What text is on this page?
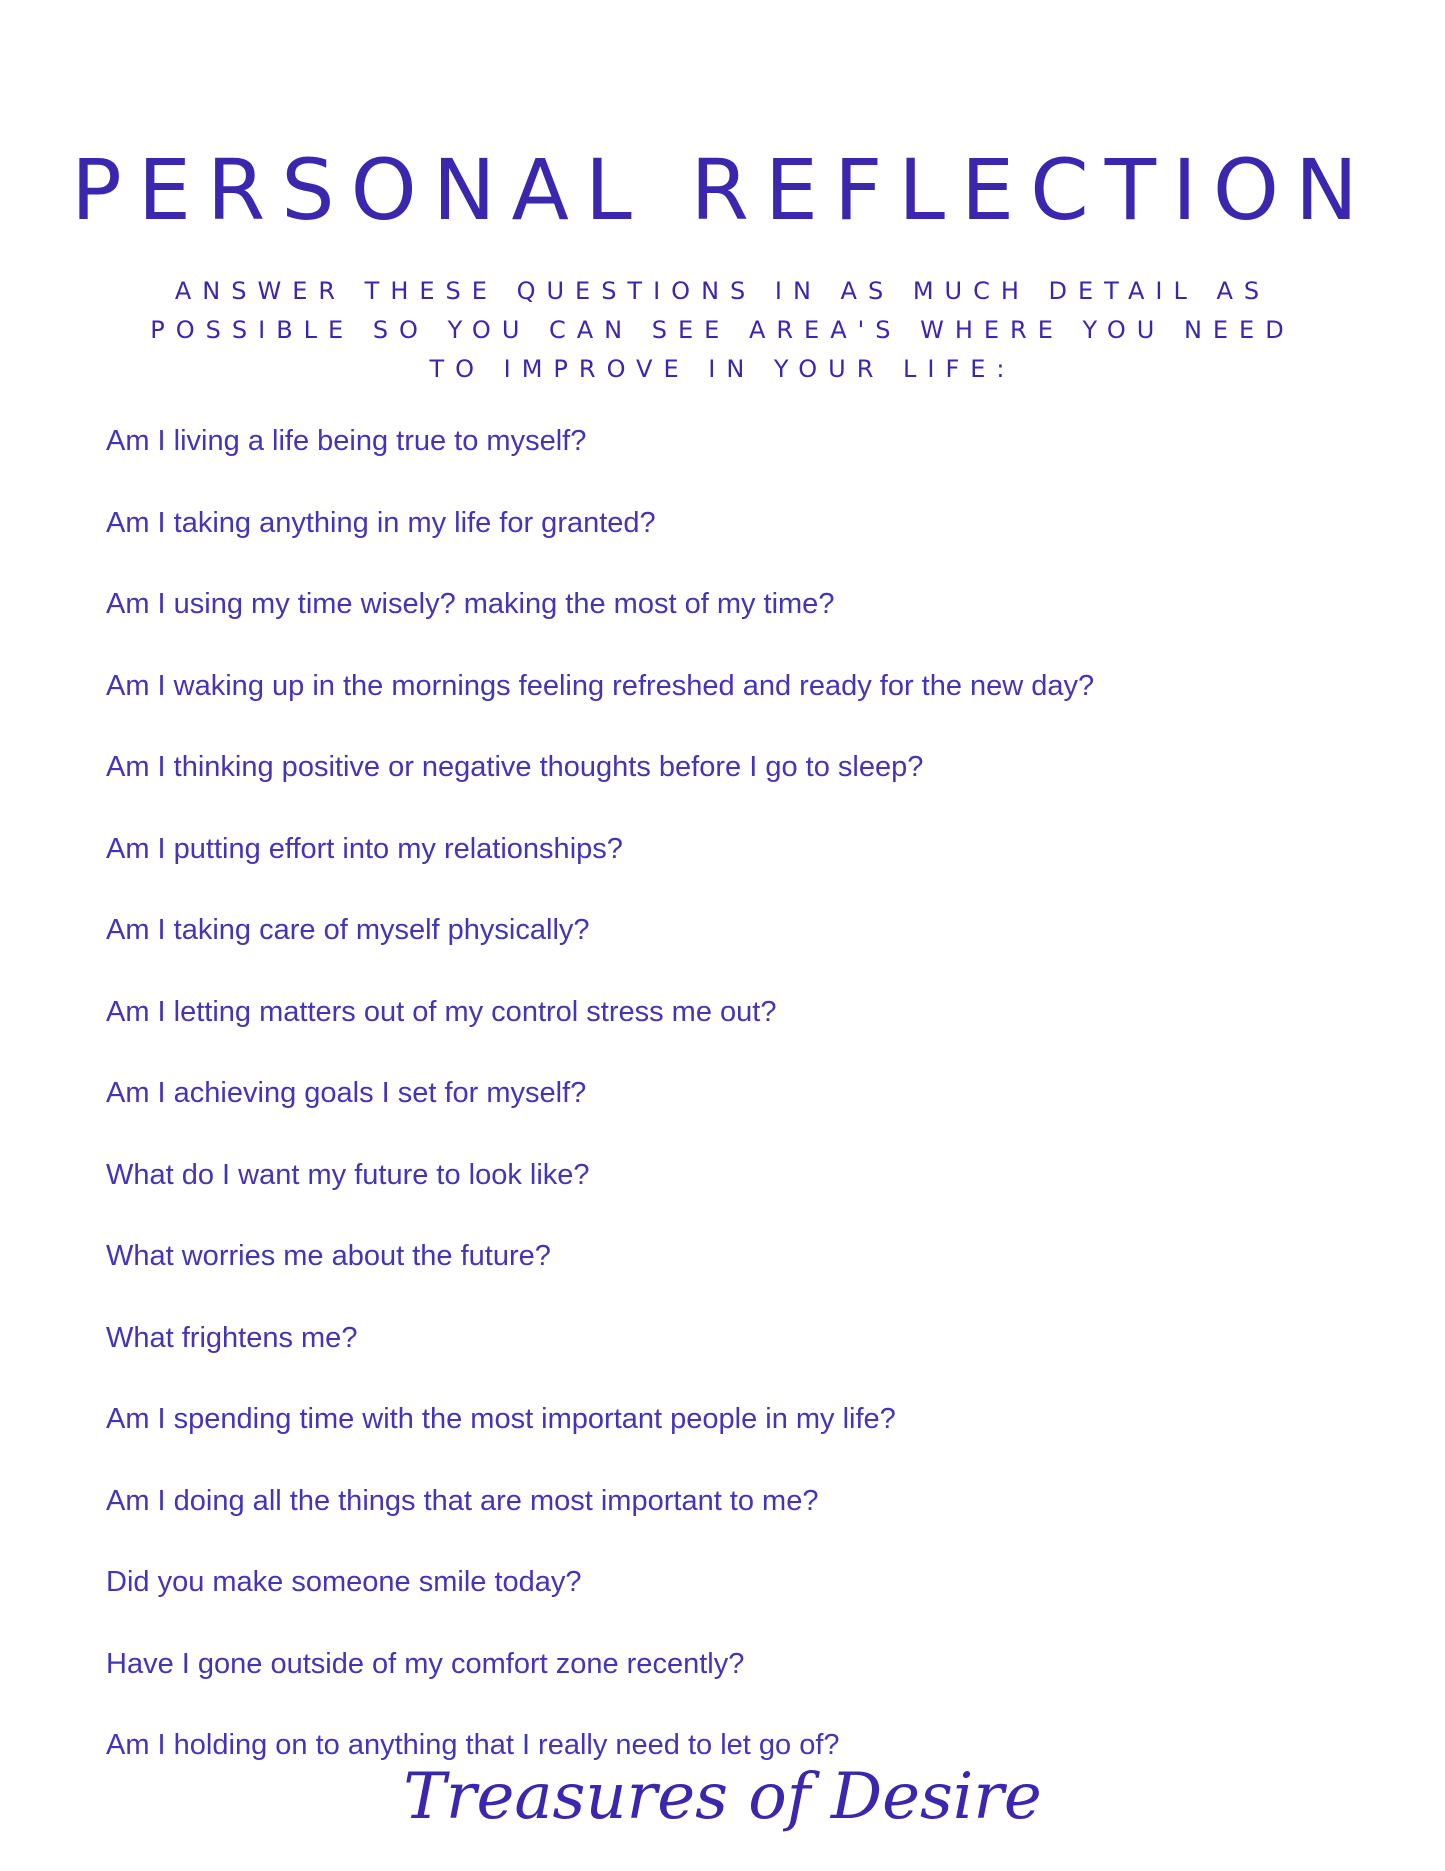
PERSONAL REFLECTION
ANSWER THESE QUESTIONS IN AS MUCH DETAIL AS POSSIBLE SO YOU CAN SEE AREA'S WHERE YOU NEED TO IMPROVE IN YOUR LIFE:
Am I living a life being true to myself?
Am I taking anything in my life for granted?
Am I using my time wisely? making the most of my time?
Am I waking up in the mornings feeling refreshed and ready for the new day?
Am I thinking positive or negative thoughts before I go to sleep?
Am I putting effort into my relationships?
Am I taking care of myself physically?
Am I letting matters out of my control stress me out?
Am I achieving goals I set for myself?
What do I want my future to look like?
What worries me about the future?
What frightens me?
Am I spending time with the most important people in my life?
Am I doing all the things that are most important to me?
Did you make someone smile today?
Have I gone outside of my comfort zone recently?
Am I holding on to anything that I really need to let go of?
Treasures of Desire
